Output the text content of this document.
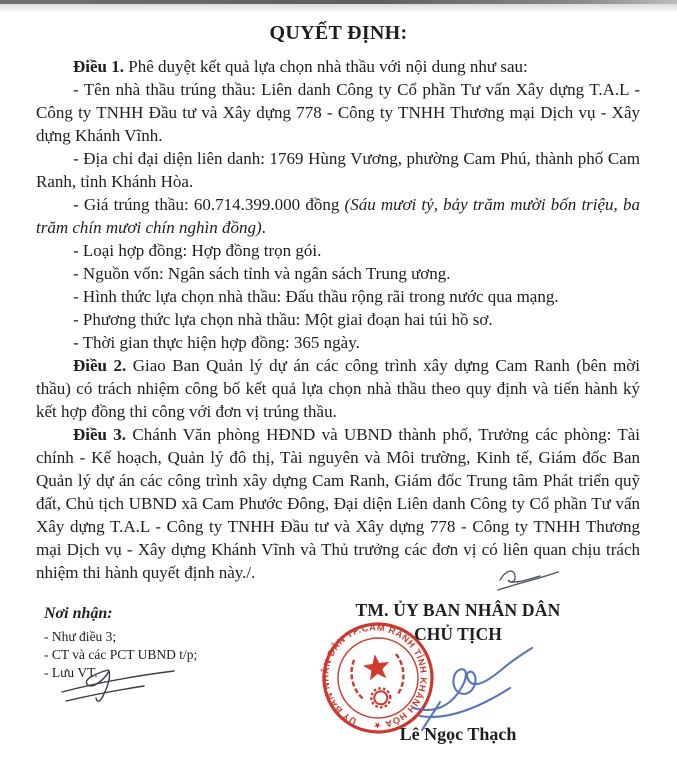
QUYẾT ĐỊNH:

Điều 1. Phê duyệt kết quả lựa chọn nhà thầu với nội dung như sau:

- Tên nhà thầu trúng thầu: Liên danh Công ty Cổ phần Tư vấn Xây dựng T.A.L - Công ty TNHH Đầu tư và Xây dựng 778 - Công ty TNHH Thương mại Dịch vụ - Xây dựng Khánh Vĩnh.

- Địa chỉ đại diện liên danh: 1769 Hùng Vương, phường Cam Phú, thành phố Cam Ranh, tỉnh Khánh Hòa.

- Giá trúng thầu: 60.714.399.000 đồng (Sáu mươi tỷ, bảy trăm mười bốn triệu, ba trăm chín mươi chín nghìn đồng).

- Loại hợp đồng: Hợp đồng trọn gói.

- Nguồn vốn: Ngân sách tỉnh và ngân sách Trung ương.

- Hình thức lựa chọn nhà thầu: Đấu thầu rộng rãi trong nước qua mạng.

- Phương thức lựa chọn nhà thầu: Một giai đoạn hai túi hồ sơ.

- Thời gian thực hiện hợp đồng: 365 ngày.

Điều 2. Giao Ban Quản lý dự án các công trình xây dựng Cam Ranh (bên mời thầu) có trách nhiệm công bố kết quả lựa chọn nhà thầu theo quy định và tiến hành ký kết hợp đồng thi công với đơn vị trúng thầu.

Điều 3. Chánh Văn phòng HĐND và UBND thành phố, Trưởng các phòng: Tài chính - Kế hoạch, Quản lý đô thị, Tài nguyên và Môi trường, Kinh tế, Giám đốc Ban Quản lý dự án các công trình xây dựng Cam Ranh, Giám đốc Trung tâm Phát triển quỹ đất, Chủ tịch UBND xã Cam Phước Đông, Đại diện Liên danh Công ty Cổ phần Tư vấn Xây dựng T.A.L - Công ty TNHH Đầu tư và Xây dựng 778 - Công ty TNHH Thương mại Dịch vụ - Xây dựng Khánh Vĩnh và Thủ trưởng các đơn vị có liên quan chịu trách nhiệm thi hành quyết định này./.

Nơi nhận:
- Như điều 3;
- CT và các PCT UBND t/p;
- Lưu VT.
TM. ỦY BAN NHÂN DÂN
CHỦ TỊCH
ỦY BAN NHÂN DÂN TP.CAM RANH TỈNH KHÁNH HÒA ★ Lê Ngọc Thạch
